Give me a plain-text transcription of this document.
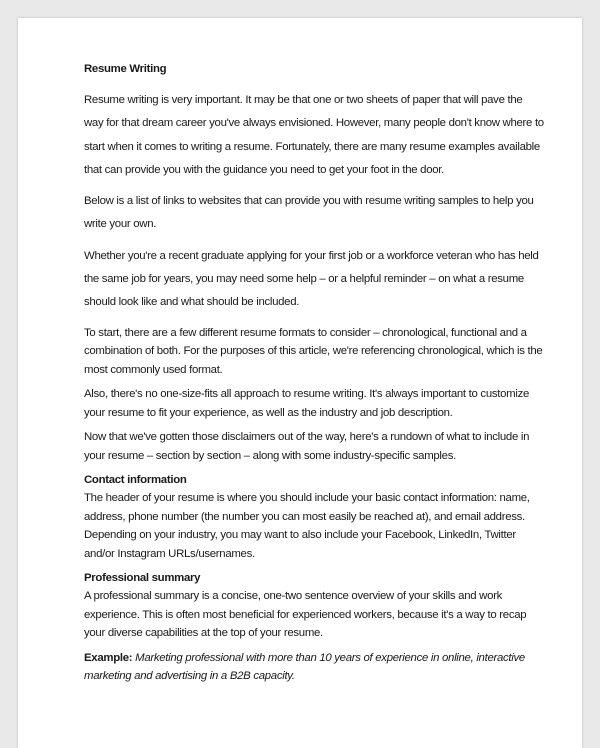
Resume Writing

Resume writing is very important. It may be that one or two sheets of paper that will pave the way for that dream career you've always envisioned. However, many people don't know where to start when it comes to writing a resume. Fortunately, there are many resume examples available that can provide you with the guidance you need to get your foot in the door.

Below is a list of links to websites that can provide you with resume writing samples to help you write your own.

Whether you're a recent graduate applying for your first job or a workforce veteran who has held the same job for years, you may need some help – or a helpful reminder – on what a resume should look like and what should be included.

To start, there are a few different resume formats to consider – chronological, functional and a combination of both. For the purposes of this article, we're referencing chronological, which is the most commonly used format.

Also, there's no one-size-fits all approach to resume writing. It's always important to customize your resume to fit your experience, as well as the industry and job description.

Now that we've gotten those disclaimers out of the way, here's a rundown of what to include in your resume – section by section – along with some industry-specific samples.

Contact information

The header of your resume is where you should include your basic contact information: name, address, phone number (the number you can most easily be reached at), and email address. Depending on your industry, you may want to also include your Facebook, LinkedIn, Twitter and/or Instagram URLs/usernames.

Professional summary

A professional summary is a concise, one-two sentence overview of your skills and work experience. This is often most beneficial for experienced workers, because it's a way to recap your diverse capabilities at the top of your resume.

Example: Marketing professional with more than 10 years of experience in online, interactive marketing and advertising in a B2B capacity.
